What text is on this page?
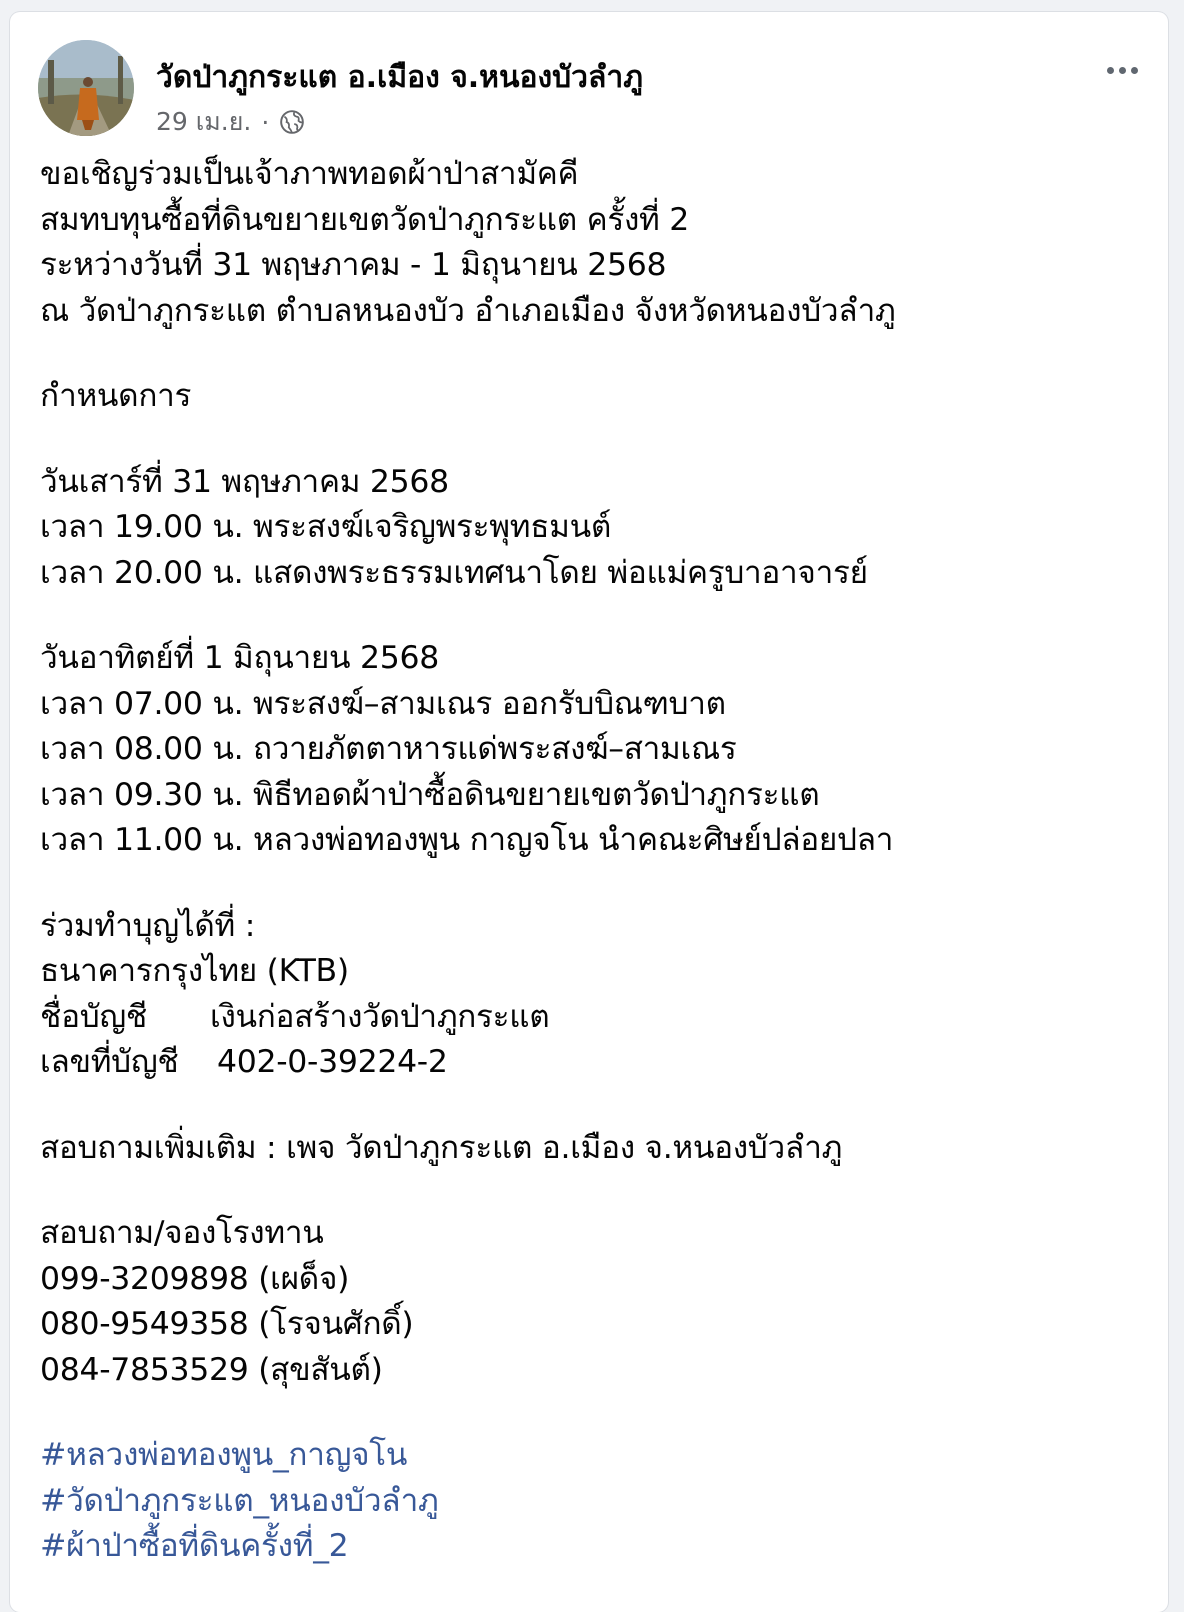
วัดป่าภูกระแต อ.เมือง จ.หนองบัวลำภู
29 เม.ย. ·
ขอเชิญร่วมเป็นเจ้าภาพทอดผ้าป่าสามัคคี
สมทบทุนซื้อที่ดินขยายเขตวัดป่าภูกระแต ครั้งที่ 2
ระหว่างวันที่ 31 พฤษภาคม - 1 มิถุนายน 2568
ณ วัดป่าภูกระแต ตำบลหนองบัว อำเภอเมือง จังหวัดหนองบัวลำภู
กำหนดการ
วันเสาร์ที่ 31 พฤษภาคม 2568
เวลา 19.00 น. พระสงฆ์เจริญพระพุทธมนต์
เวลา 20.00 น. แสดงพระธรรมเทศนาโดย พ่อแม่ครูบาอาจารย์
วันอาทิตย์ที่ 1 มิถุนายน 2568
เวลา 07.00 น. พระสงฆ์–สามเณร ออกรับบิณฑบาต
เวลา 08.00 น. ถวายภัตตาหารแด่พระสงฆ์–สามเณร
เวลา 09.30 น. พิธีทอดผ้าป่าซื้อดินขยายเขตวัดป่าภูกระแต
เวลา 11.00 น. หลวงพ่อทองพูน กาญจโน นำคณะศิษย์ปล่อยปลา
ร่วมทำบุญได้ที่ :
ธนาคารกรุงไทย (KTB)
ชื่อบัญชี	เงินก่อสร้างวัดป่าภูกระแต
เลขที่บัญชี	402-0-39224-2
สอบถามเพิ่มเติม : เพจ วัดป่าภูกระแต อ.เมือง จ.หนองบัวลำภู
สอบถาม/จองโรงทาน
099-3209898 (เผด็จ)
080-9549358 (โรจนศักดิ์)
084-7853529 (สุขสันต์)
#หลวงพ่อทองพูน_กาญจโน
#วัดป่าภูกระแต_หนองบัวลำภู
#ผ้าป่าซื้อที่ดินครั้งที่_2
